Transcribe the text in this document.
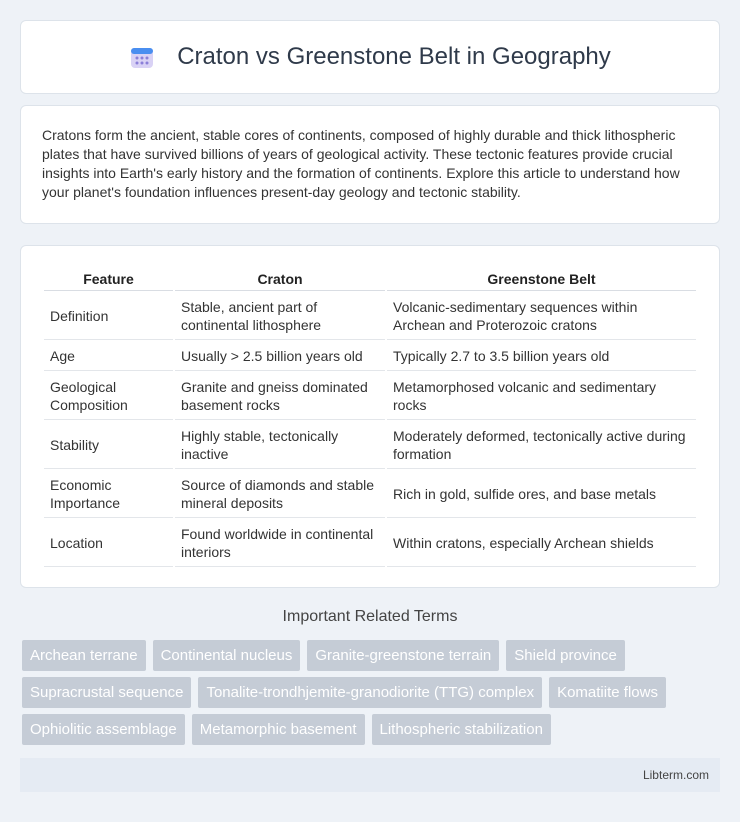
Craton vs Greenstone Belt in Geography

Cratons form the ancient, stable cores of continents, composed of highly durable and thick lithospheric plates that have survived billions of years of geological activity. These tectonic features provide crucial insights into Earth's early history and the formation of continents. Explore this article to understand how your planet's foundation influences present-day geology and tectonic stability.

Feature	Craton	Greenstone Belt
Definition	Stable, ancient part of continental lithosphere	Volcanic-sedimentary sequences within Archean and Proterozoic cratons
Age	Usually > 2.5 billion years old	Typically 2.7 to 3.5 billion years old
Geological Composition	Granite and gneiss dominated basement rocks	Metamorphosed volcanic and sedimentary rocks
Stability	Highly stable, tectonically inactive	Moderately deformed, tectonically active during formation
Economic Importance	Source of diamonds and stable mineral deposits	Rich in gold, sulfide ores, and base metals
Location	Found worldwide in continental interiors	Within cratons, especially Archean shields
Important Related Terms
Archean terrane	Continental nucleus	Granite-greenstone terrain	Shield province
Supracrustal sequence	Tonalite-trondhjemite-granodiorite (TTG) complex	Komatiite flows
Ophiolitic assemblage	Metamorphic basement	Lithospheric stabilization
Libterm.com
